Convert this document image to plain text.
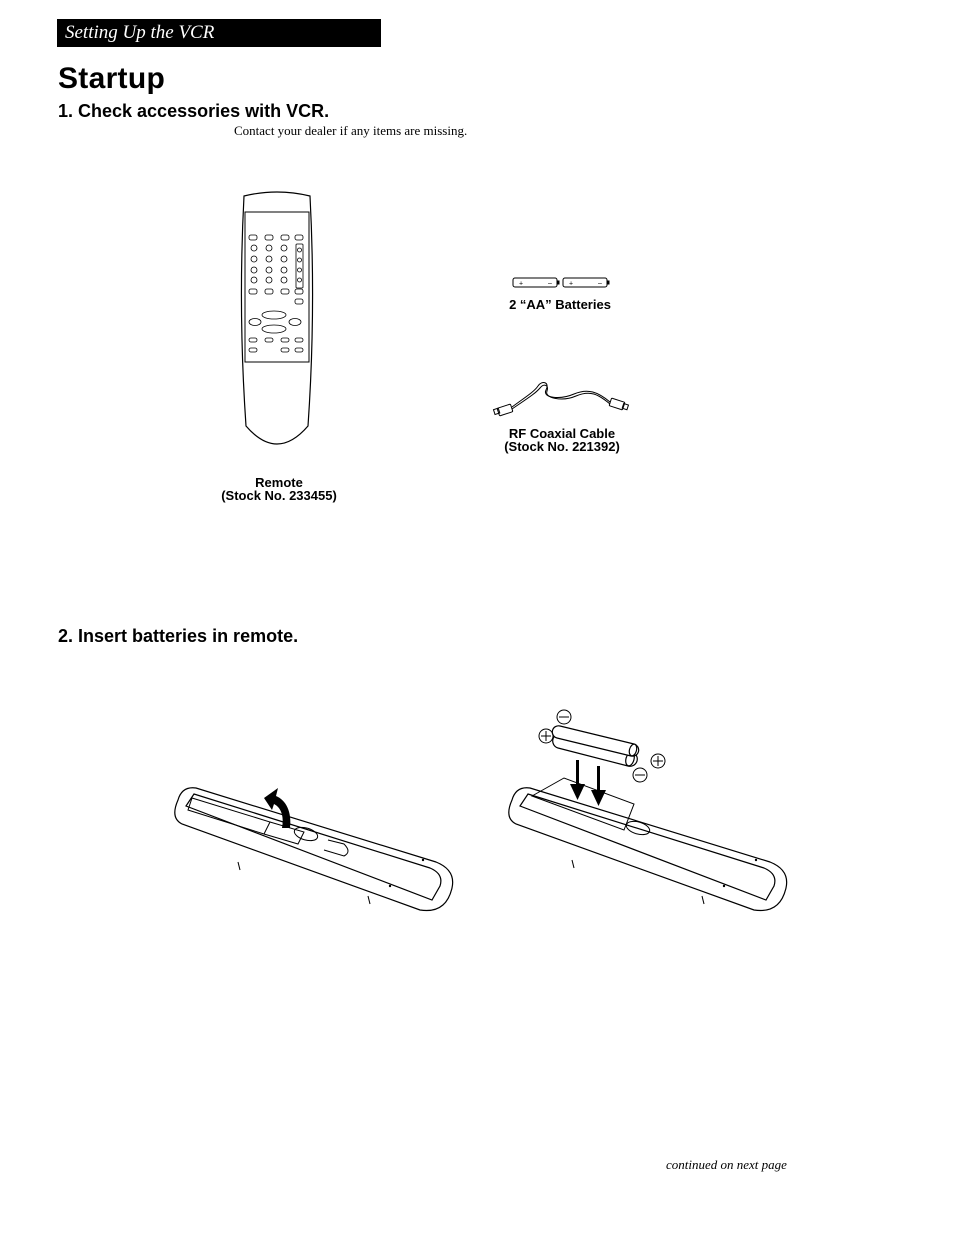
Setting Up the VCR
Startup
1. Check accessories with VCR.
Contact your dealer if any items are missing.
Remote
(Stock No. 233455)
+	– +	–
2 “AA” Batteries
RF Coaxial Cable
(Stock No. 221392)
2. Insert batteries in remote.
continued on next page
